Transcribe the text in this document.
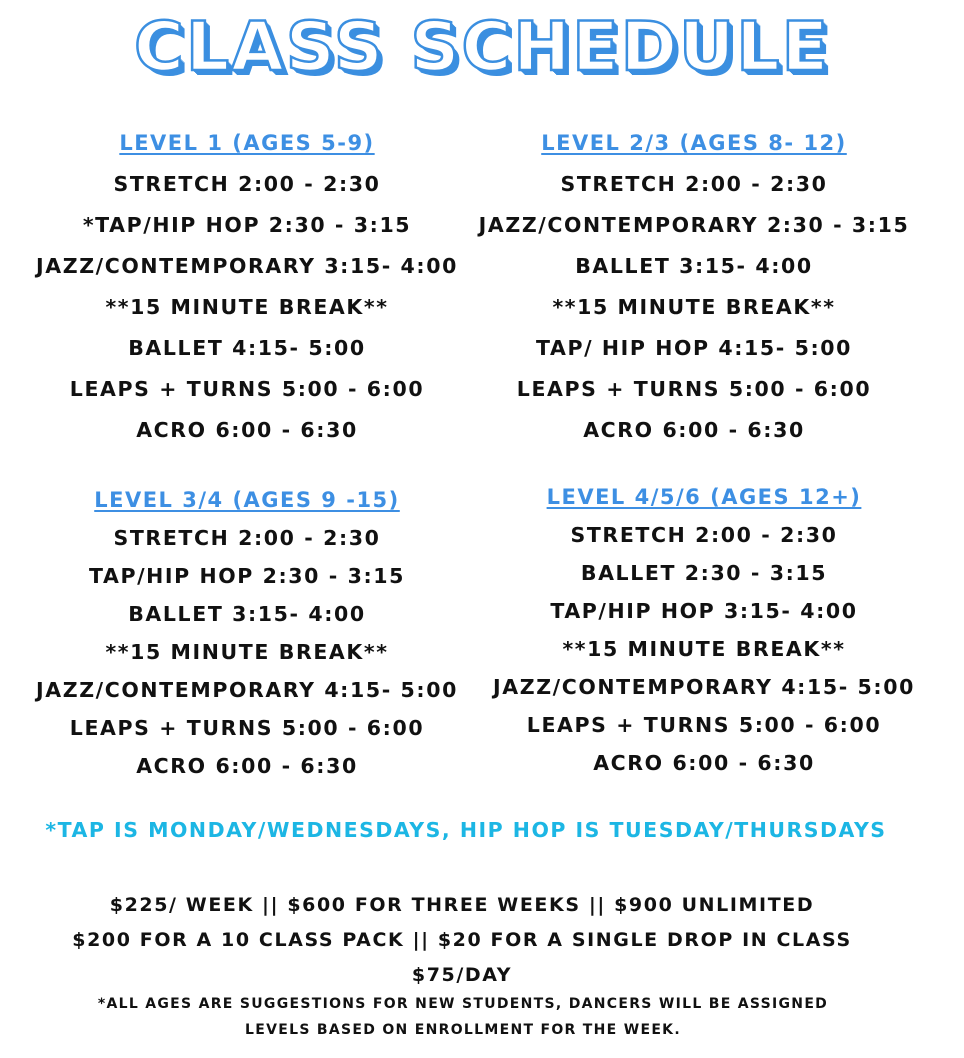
CLASS SCHEDULE
LEVEL 1 (AGES 5-9)
STRETCH 2:00 - 2:30
*TAP/HIP HOP 2:30 - 3:15
JAZZ/CONTEMPORARY 3:15- 4:00
**15 MINUTE BREAK**
BALLET 4:15- 5:00
LEAPS + TURNS 5:00 - 6:00
ACRO 6:00 - 6:30
LEVEL 2/3 (AGES 8- 12)
STRETCH 2:00 - 2:30
JAZZ/CONTEMPORARY 2:30 - 3:15
BALLET 3:15- 4:00
**15 MINUTE BREAK**
TAP/ HIP HOP 4:15- 5:00
LEAPS + TURNS 5:00 - 6:00
ACRO 6:00 - 6:30
LEVEL 3/4 (AGES 9 -15)
STRETCH 2:00 - 2:30
TAP/HIP HOP 2:30 - 3:15
BALLET 3:15- 4:00
**15 MINUTE BREAK**
JAZZ/CONTEMPORARY 4:15- 5:00
LEAPS + TURNS 5:00 - 6:00
ACRO 6:00 - 6:30
LEVEL 4/5/6 (AGES 12+)
STRETCH 2:00 - 2:30
BALLET 2:30 - 3:15
TAP/HIP HOP 3:15- 4:00
**15 MINUTE BREAK**
JAZZ/CONTEMPORARY 4:15- 5:00
LEAPS + TURNS 5:00 - 6:00
ACRO 6:00 - 6:30
*TAP IS MONDAY/WEDNESDAYS, HIP HOP IS TUESDAY/THURSDAYS
$225/ WEEK || $600 FOR THREE WEEKS || $900 UNLIMITED
$200 FOR A 10 CLASS PACK || $20 FOR A SINGLE DROP IN CLASS
$75/DAY
*ALL AGES ARE SUGGESTIONS FOR NEW STUDENTS, DANCERS WILL BE ASSIGNED
LEVELS BASED ON ENROLLMENT FOR THE WEEK.
